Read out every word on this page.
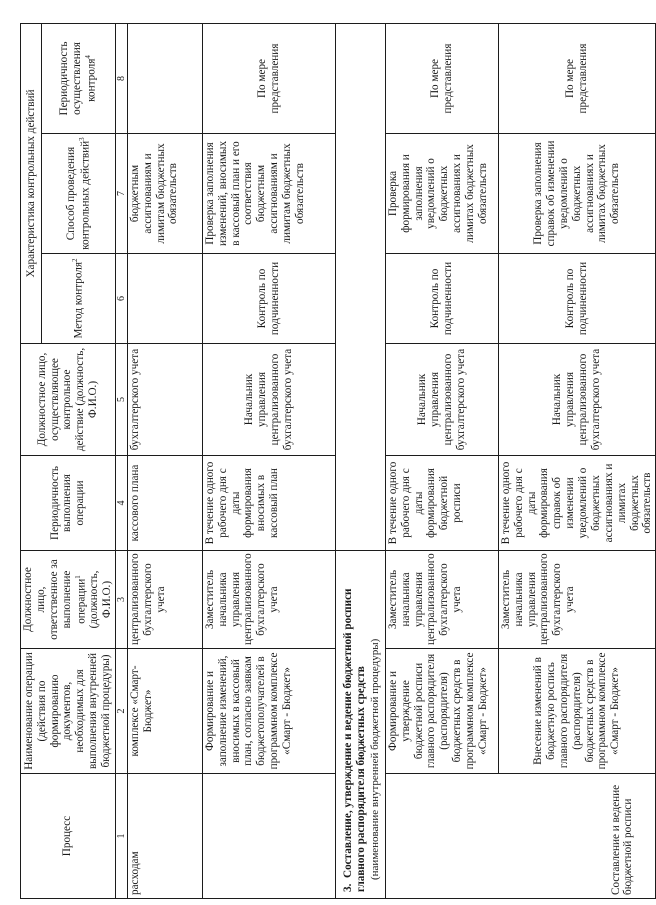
Процесс	Наименование операции (действия по формированию документов, необходимых для выполнения внутренней бюджетной процедуры)	Должностное лицо, ответственное за выполнение операции$^1$ (должность, Ф.И.О.)	Периодичность выполнения операции	Должностное лицо, осуществляющее контрольное действие (должность, Ф.И.О.)	Характеристика контрольных действий		
					Метод контроля$^2$	Способ проведения контрольных действий$^3$	Периодичность осуществления контроля$^4$
1	2	3	4	5	6	7	8
расходам	комплексе «Смарт- Бюджет»	централизованного бухгалтерского учета	кассового плана	бухгалтерского учета		бюджетным ассигнованиям и лимитам бюджетных обязательств	
	Формирование и заполнение изменений, вносимых в кассовый план, согласно заявкам бюджетополучателей в программном комплексе «Смарт - Бюджет»	Заместитель начальника управления централизованного бухгалтерского учета	В течение одного рабочего дня с даты формирования вносимых в кассовый план	Начальник управления централизованного бухгалтерского учета	Контроль по подчиненности	Проверка заполнения изменений, вносимых в кассовый план и его соответствия бюджетным ассигнованиям и лимитам бюджетных обязательств	По мере представления
3.  Составление, утверждение и ведение бюджетной росписи главного распорядителя бюджетных средств (наименование внутренней бюджетной процедуры)							

Составление и ведение бюджетной росписи	Формирование и утверждение бюджетной росписи главного распорядителя (распорядителя) бюджетных средств в программном комплексе «Смарт - Бюджет»	Заместитель начальника управления централизованного бухгалтерского учета	В течение одного рабочего дня с даты формирования бюджетной росписи	Начальник управления централизованного бухгалтерского учета	Контроль по подчиненности	Проверка формирования и заполнения уведомлений о бюджетных ассигнованиях и лимитах бюджетных обязательств	По мере представления
	Внесение изменений в бюджетную роспись главного распорядителя (распорядителя) бюджетных средств в программном комплексе «Смарт - Бюджет»	Заместитель начальника управления централизованного бухгалтерского учета	В течение одного рабочего дня с даты формирования справок об изменении уведомлений о бюджетных ассигнованиях и лимитах бюджетных обязательств	Начальник управления централизованного бухгалтерского учета	Контроль по подчиненности	Проверка заполнения справок об изменении уведомлений о бюджетных ассигнованиях и лимитах бюджетных обязательств	По мере представления
